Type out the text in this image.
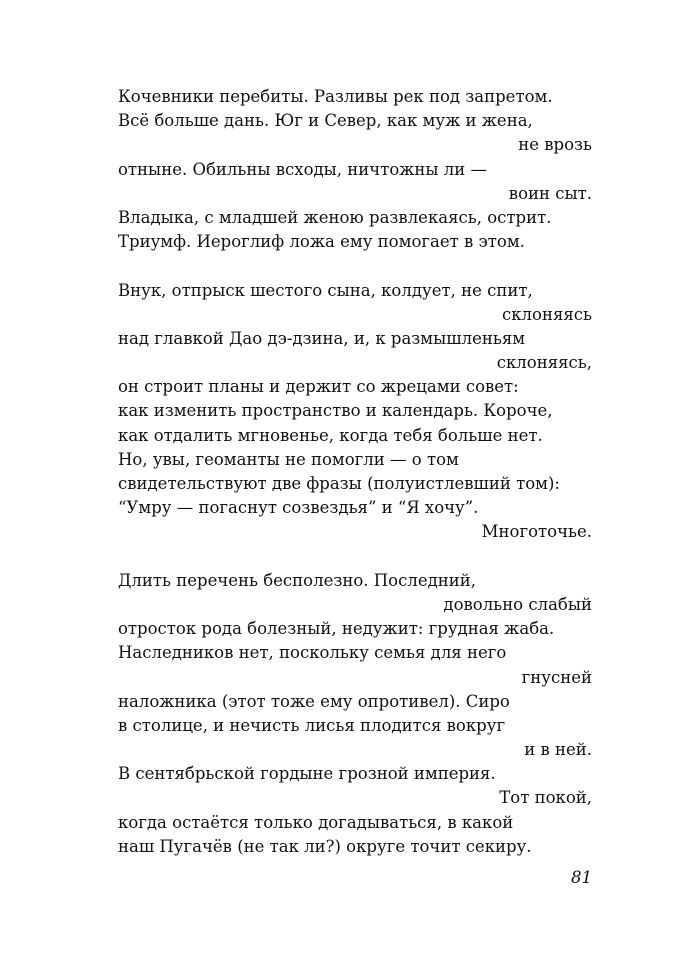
Кочевники перебиты. Разливы рек под запретом.
Всё больше дань. Юг и Север, как муж и жена,
не врозь
отныне. Обильны всходы, ничтожны ли —
воин сыт.
Владыка, с младшей женою развлекаясь, острит.
Триумф. Иероглиф ложа ему помогает в этом.
Внук, отпрыск шестого сына, колдует, не спит,
склоняясь
над главкой Дао дэ-дзина, и, к размышленьям
склоняясь,
он строит планы и держит со жрецами совет:
как изменить пространство и календарь. Короче,
как отдалить мгновенье, когда тебя больше нет.
Но, увы, геоманты не помогли — о том
свидетельствуют две фразы (полуистлевший том):
“Умру — погаснут созвездья” и “Я хочу”.
Многоточье.
Длить перечень бесполезно. Последний,
довольно слабый
отросток рода болезный, недужит: грудная жаба.
Наследников нет, поскольку семья для него
гнусней
наложника (этот тоже ему опротивел). Сиро
в столице, и нечисть лисья плодится вокруг
и в ней.
В сентябрьской гордыне грозной империя.
Тот покой,
когда остаётся только догадываться, в какой
наш Пугачёв (не так ли?) округе точит секиру.
81
